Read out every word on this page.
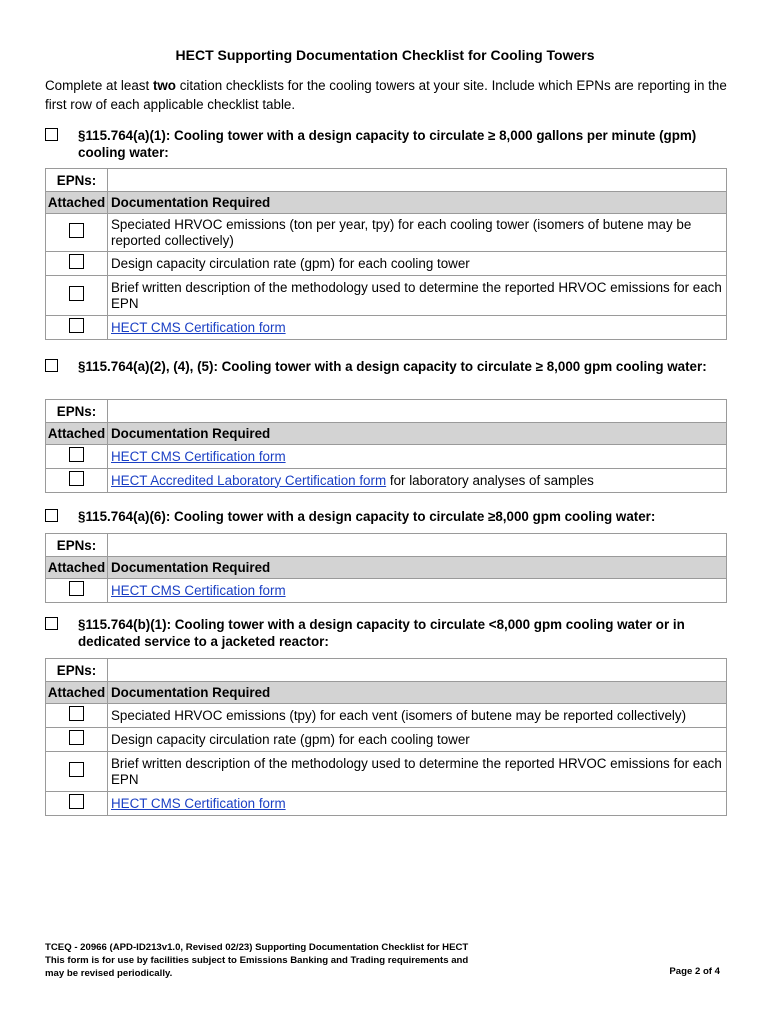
HECT Supporting Documentation Checklist for Cooling Towers
Complete at least two citation checklists for the cooling towers at your site. Include which EPNs are reporting in the first row of each applicable checklist table.
§115.764(a)(1): Cooling tower with a design capacity to circulate ≥ 8,000 gallons per minute (gpm) cooling water:
EPNs:	
Attached	Documentation Required
	Speciated HRVOC emissions (ton per year, tpy) for each cooling tower (isomers of butene may be reported collectively)
	Design capacity circulation rate (gpm) for each cooling tower
	Brief written description of the methodology used to determine the reported HRVOC emissions for each EPN
	HECT CMS Certification form
§115.764(a)(2), (4), (5): Cooling tower with a design capacity to circulate ≥ 8,000 gpm cooling water:
EPNs:	
Attached	Documentation Required
	HECT CMS Certification form
	HECT Accredited Laboratory Certification form for laboratory analyses of samples
§115.764(a)(6): Cooling tower with a design capacity to circulate ≥8,000 gpm cooling water:
EPNs:	
Attached	Documentation Required
	HECT CMS Certification form
§115.764(b)(1): Cooling tower with a design capacity to circulate <8,000 gpm cooling water or in dedicated service to a jacketed reactor:
EPNs:	
Attached	Documentation Required
	Speciated HRVOC emissions (tpy) for each vent (isomers of butene may be reported collectively)
	Design capacity circulation rate (gpm) for each cooling tower
	Brief written description of the methodology used to determine the reported HRVOC emissions for each EPN
	HECT CMS Certification form
TCEQ - 20966 (APD-ID213v1.0, Revised 02/23) Supporting Documentation Checklist for HECT
This form is for use by facilities subject to Emissions Banking and Trading requirements and
may be revised periodically.	Page 2 of 4
